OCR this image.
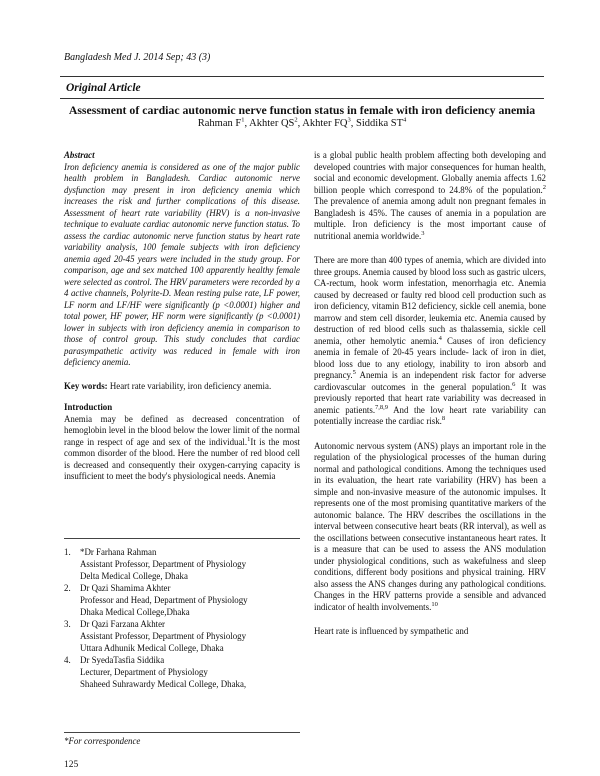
Bangladesh Med J. 2014 Sep; 43 (3)
Original Article
Assessment of cardiac autonomic nerve function status in female with iron deficiency anemia
Rahman $F^1$, Akhter $QS^2$, Akhter $FQ^3$, Siddika $ST^4$
Abstract

Iron deficiency anemia is considered as one of the major public health problem in Bangladesh. Cardiac autonomic nerve dysfunction may present in iron deficiency anemia which increases the risk and further complications of this disease. Assessment of heart rate variability (HRV) is a non-invasive technique to evaluate cardiac autonomic nerve function status. To assess the cardiac autonomic nerve function status by heart rate variability analysis, 100 female subjects with iron deficiency anemia aged 20-45 years were included in the study group. For comparison, age and sex matched 100 apparently healthy female were selected as control. The HRV parameters were recorded by a 4 active channels, Polyrite-D. Mean resting pulse rate, LF power, LF norm and LF/HF were significantly (p <0.0001) higher and total power, HF power, HF norm were significantly (p <0.0001) lower in subjects with iron deficiency anemia in comparison to those of control group. This study concludes that cardiac parasympathetic activity was reduced in female with iron deficiency anemia.

Key words: Heart rate variability, iron deficiency anemia.

Introduction

Anemia may be defined as decreased concentration of hemoglobin level in the blood below the lower limit of the normal range in respect of age and sex of the individual.$^1$It is the most common disorder of the blood. Here the number of red blood cell is decreased and consequently their oxygen-carrying capacity is insufficient to meet the body's physiological needs. Anemia

1.	*Dr Farhana Rahman
Assistant Professor, Department of Physiology
Delta Medical College, Dhaka
2.	Dr Qazi Shamima Akhter
Professor and Head, Department of Physiology
Dhaka Medical College,Dhaka
3.	Dr Qazi Farzana Akhter
Assistant Professor, Department of Physiology
Uttara Adhunik Medical College, Dhaka
4.	Dr SyedaTasfia Siddika
Lecturer, Department of Physiology
Shaheed Suhrawardy Medical College, Dhaka,
*For correspondence
125

is a global public health problem affecting both developing and developed countries with major consequences for human health, social and economic development. Globally anemia affects 1.62 billion people which correspond to 24.8% of the population.$^2$ The prevalence of anemia among adult non pregnant females in Bangladesh is 45%. The causes of anemia in a population are multiple. Iron deficiency is the most important cause of nutritional anemia worldwide.$^3$

There are more than 400 types of anemia, which are divided into three groups. Anemia caused by blood loss such as gastric ulcers, CA-rectum, hook worm infestation, menorrhagia etc. Anemia caused by decreased or faulty red blood cell production such as iron deficiency, vitamin B12 deficiency, sickle cell anemia, bone marrow and stem cell disorder, leukemia etc. Anemia caused by destruction of red blood cells such as thalassemia, sickle cell anemia, other hemolytic anemia.$^4$ Causes of iron deficiency anemia in female of 20-45 years include- lack of iron in diet, blood loss due to any etiology, inability to iron absorb and pregnancy.$^5$ Anemia is an independent risk factor for adverse cardiovascular outcomes in the general population.$^6$ It was previously reported that heart rate variability was decreased in anemic patients.$^{7,8,9}$ And the low heart rate variability can potentially increase the cardiac risk.$^8$

Autonomic nervous system (ANS) plays an important role in the regulation of the physiological processes of the human during normal and pathological conditions. Among the techniques used in its evaluation, the heart rate variability (HRV) has been a simple and non-invasive measure of the autonomic impulses. It represents one of the most promising quantitative markers of the autonomic balance. The HRV describes the oscillations in the interval between consecutive heart beats (RR interval), as well as the oscillations between consecutive instantaneous heart rates. It is a measure that can be used to assess the ANS modulation under physiological conditions, such as wakefulness and sleep conditions, different body positions and physical training. HRV also assess the ANS changes during any pathological conditions. Changes in the HRV patterns provide a sensible and advanced indicator of health involvements.$^{10}$

Heart rate is influenced by sympathetic and
